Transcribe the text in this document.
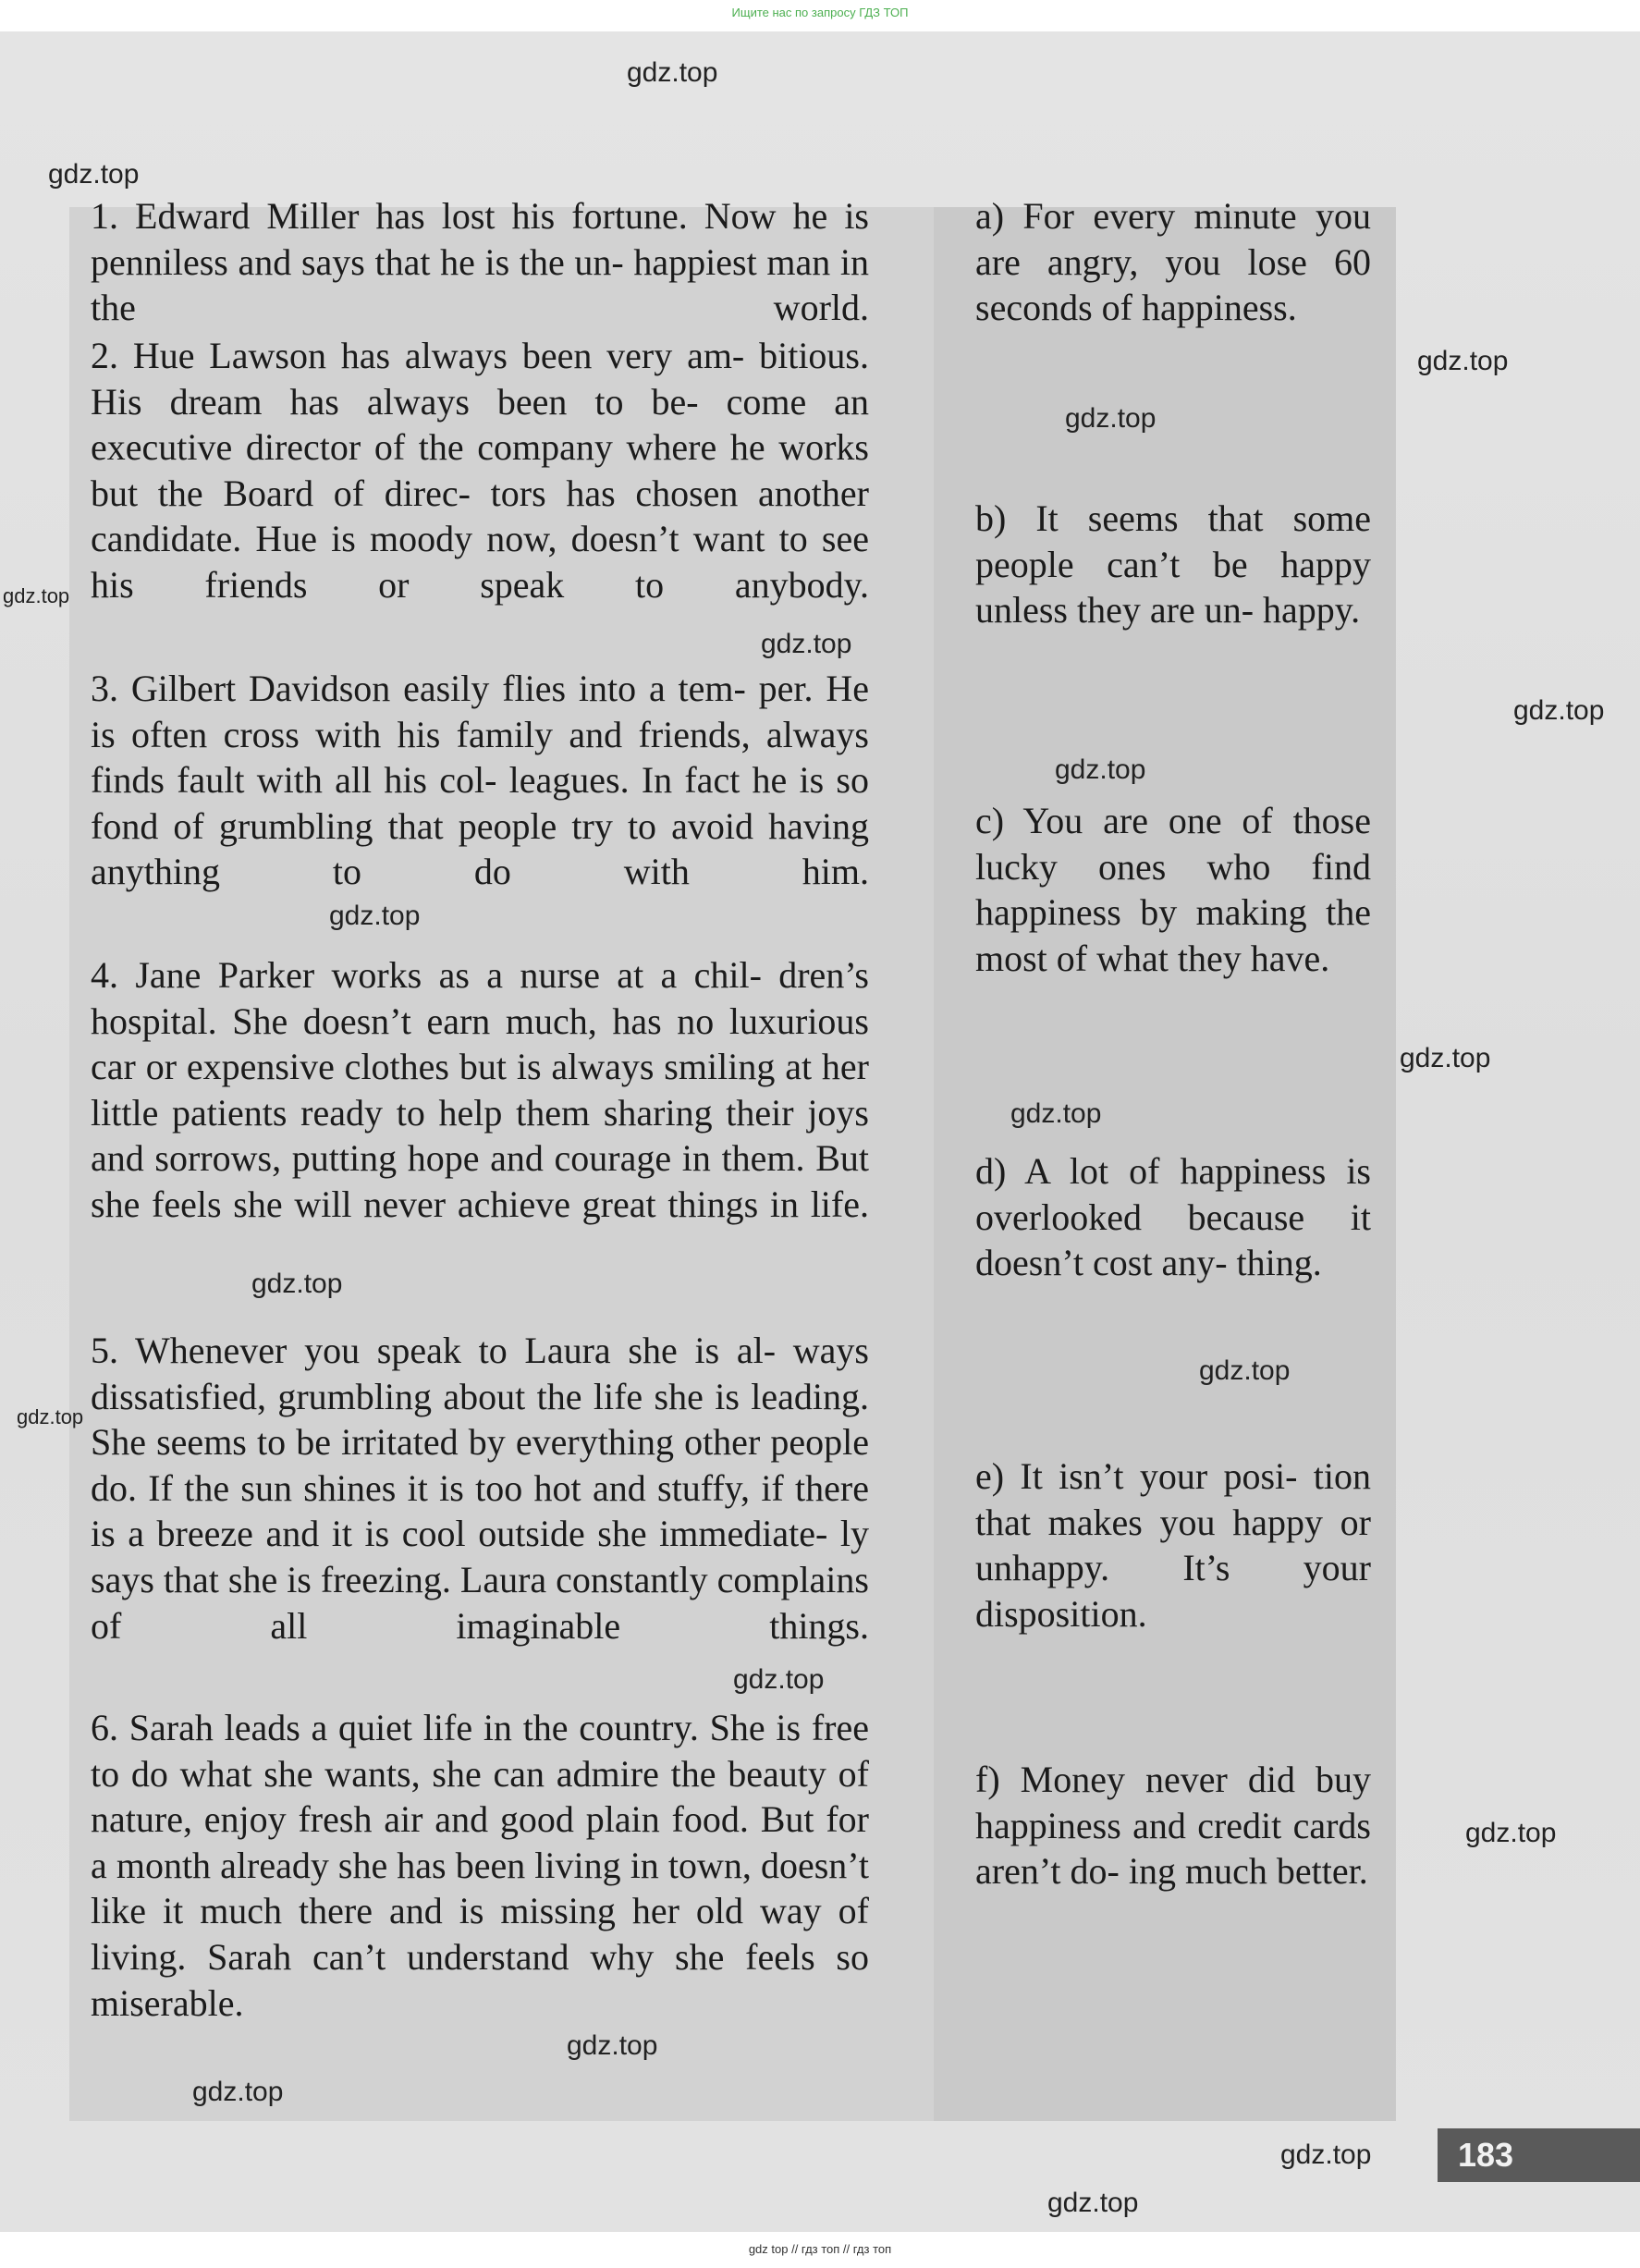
Ищите нас по запросу ГДЗ ТОП
1. Edward Miller has lost his fortune. Now he is penniless and says that he is the un- happiest man in the world.
2. Hue Lawson has always been very am- bitious. His dream has always been to be- come an executive director of the company where he works but the Board of direc- tors has chosen another candidate. Hue is moody now, doesn’t want to see his friends or speak to anybody.
3. Gilbert Davidson easily flies into a tem- per. He is often cross with his family and friends, always finds fault with all his col- leagues. In fact he is so fond of grumbling that people try to avoid having anything to do with him.
4. Jane Parker works as a nurse at a chil- dren’s hospital. She doesn’t earn much, has no luxurious car or expensive clothes but is always smiling at her little patients ready to help them sharing their joys and sorrows, putting hope and courage in them. But she feels she will never achieve great things in life.
5. Whenever you speak to Laura she is al- ways dissatisfied, grumbling about the life she is leading. She seems to be irritated by everything other people do. If the sun shines it is too hot and stuffy, if there is a breeze and it is cool outside she immediate- ly says that she is freezing. Laura constantly complains of all imaginable things.
6. Sarah leads a quiet life in the country. She is free to do what she wants, she can admire the beauty of nature, enjoy fresh air and good plain food. But for a month already she has been living in town, doesn’t like it much there and is missing her old way of living. Sarah can’t understand why she feels so miserable.
a) For every minute you are angry, you lose 60 seconds of happiness.
b) It seems that some people can’t be happy unless they are un- happy.
c) You are one of those lucky ones who find happiness by making the most of what they have.
d) A lot of happiness is overlooked because it doesn’t cost any- thing.
e) It isn’t your posi- tion that makes you happy or unhappy. It’s your disposition.
f) Money never did buy happiness and credit cards aren’t do- ing much better.
gdz.top
gdz.top
gdz.top
gdz.top
gdz.top
gdz.top
gdz.top
gdz.top
gdz.top
gdz.top
gdz.top
gdz.top
gdz.top
gdz.top
gdz.top
gdz.top
gdz.top
gdz.top
gdz.top
gdz.top
183
gdz top // гдз топ // гдз топ
